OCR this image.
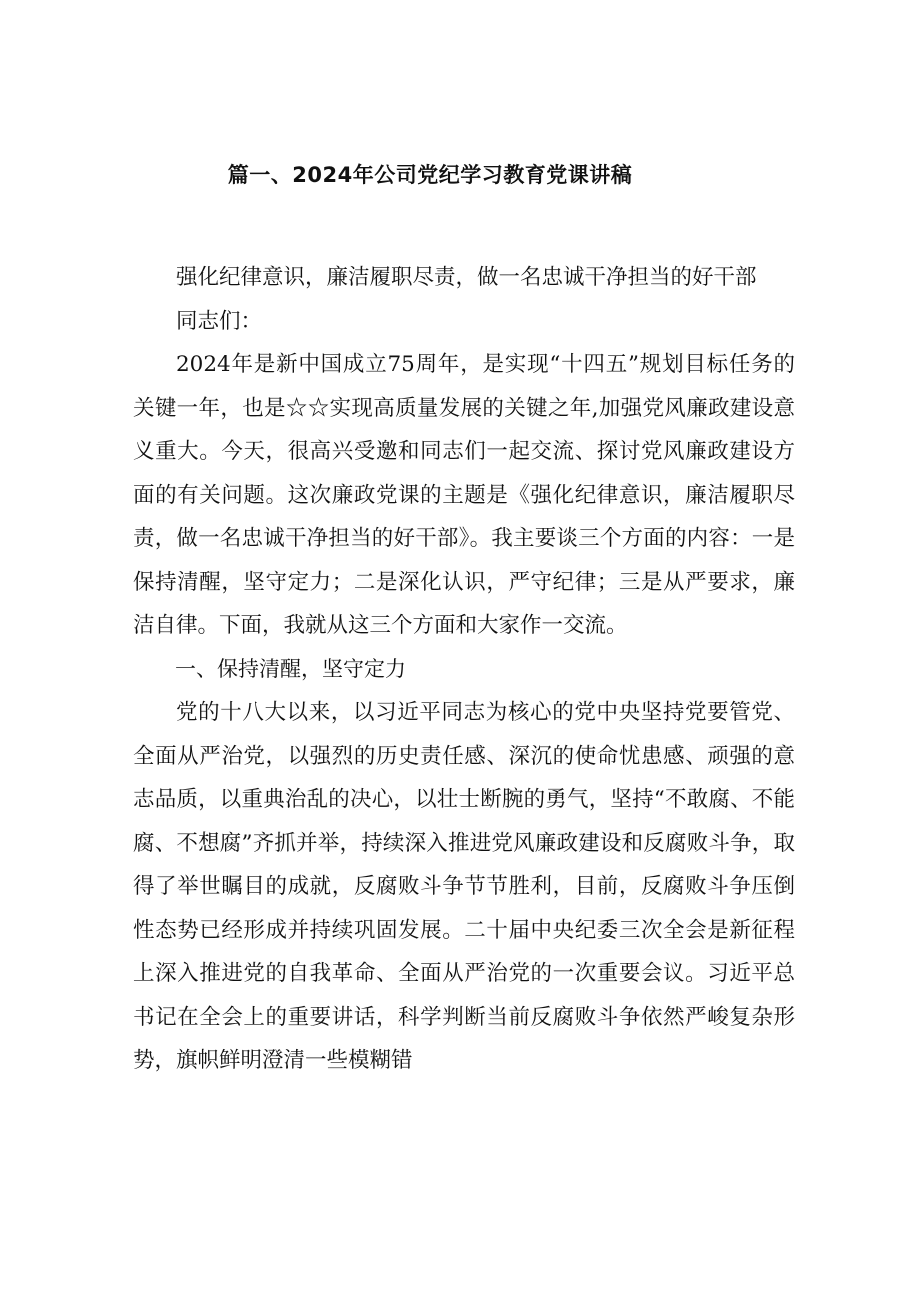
篇一、2024年公司党纪学习教育党课讲稿

强化纪律意识，廉洁履职尽责，做一名忠诚干净担当的好干部

同志们：

2024年是新中国成立75周年，是实现“十四五”规划目标任务的关键一年，也是☆☆实现高质量发展的关键之年,加强党风廉政建设意义重大。今天，很高兴受邀和同志们一起交流、探讨党风廉政建设方面的有关问题。这次廉政党课的主题是《强化纪律意识，廉洁履职尽责，做一名忠诚干净担当的好干部》。我主要谈三个方面的内容：一是保持清醒，坚守定力；二是深化认识，严守纪律；三是从严要求，廉洁自律。下面，我就从这三个方面和大家作一交流。

一、保持清醒，坚守定力

党的十八大以来，以习近平同志为核心的党中央坚持党要管党、全面从严治党，以强烈的历史责任感、深沉的使命忧患感、顽强的意志品质，以重典治乱的决心，以壮士断腕的勇气，坚持“不敢腐、不能腐、不想腐”齐抓并举，持续深入推进党风廉政建设和反腐败斗争，取得了举世瞩目的成就，反腐败斗争节节胜利，目前，反腐败斗争压倒性态势已经形成并持续巩固发展。二十届中央纪委三次全会是新征程上深入推进党的自我革命、全面从严治党的一次重要会议。习近平总书记在全会上的重要讲话，科学判断当前反腐败斗争依然严峻复杂形势，旗帜鲜明澄清一些模糊错
